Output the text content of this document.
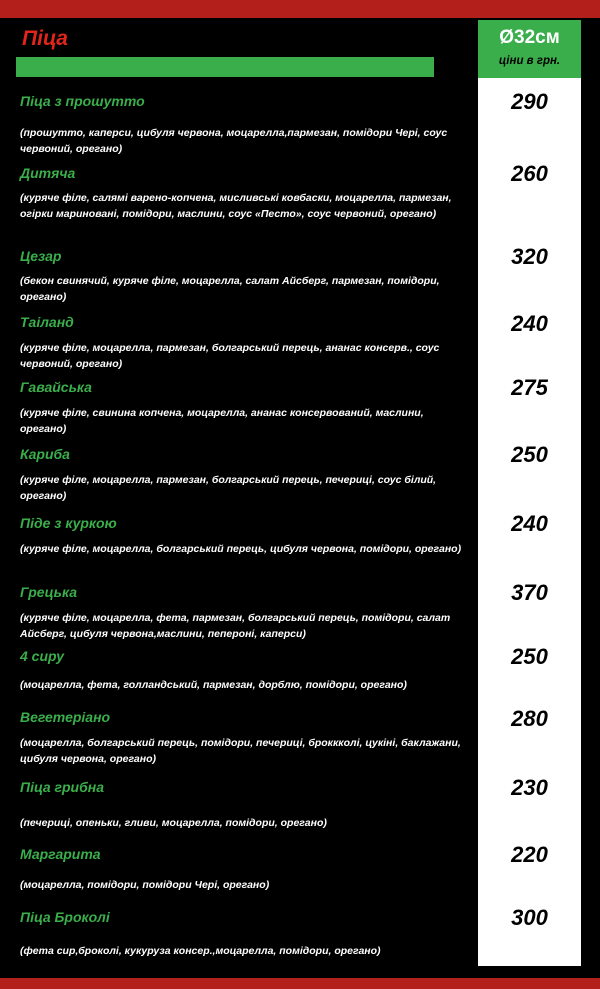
Піца	Ø32см
ціни в грн.
Піца з прошутто
(прошутто, каперси, цибуля червона, моцарелла,пармезан, помідори Чері, соус червоний, орегано)
290
Дитяча
(куряче філе, салямі варено-копчена, мисливські ковбаски, моцарелла, пармезан, огірки мариновані, помідори, маслини, соус «Песто», соус червоний, орегано)
260
Цезар
(бекон свинячий, куряче філе, моцарелла, салат Айсберг, пармезан, помідори, орегано)
320
Таіланд
(куряче філе, моцарелла, пармезан, болгарський перець, ананас консерв., соус червоний, орегано)
240
Гавайська
(куряче філе, свинина копчена, моцарелла, ананас консервований, маслини, орегано)
275
Кариба
(куряче філе, моцарелла, пармезан, болгарський перець, печериці, соус білий, орегано)
250
Піде з куркою
(куряче філе, моцарелла, болгарський перець, цибуля червона, помідори, орегано)
240
Грецька
(куряче філе, моцарелла, фета, пармезан, болгарський перець, помідори, салат Айсберг, цибуля червона,маслини, пепероні, каперси)
370
4 сиру
(моцарелла, фета, голландський, пармезан, дорблю, помідори, орегано)
250
Вегетеріано
(моцарелла, болгарський перець, помідори, печериці, броккколі, цукіні, баклажани, цибуля червона, орегано)
280
Піца грибна
(печериці, опеньки, гливи, моцарелла, помідори, орегано)
230
Маргарита
(моцарелла, помідори, помідори Чері, орегано)
220
Піца Броколі
(фета сир,броколі, кукуруза консер.,моцарелла, помідори, орегано)
300
